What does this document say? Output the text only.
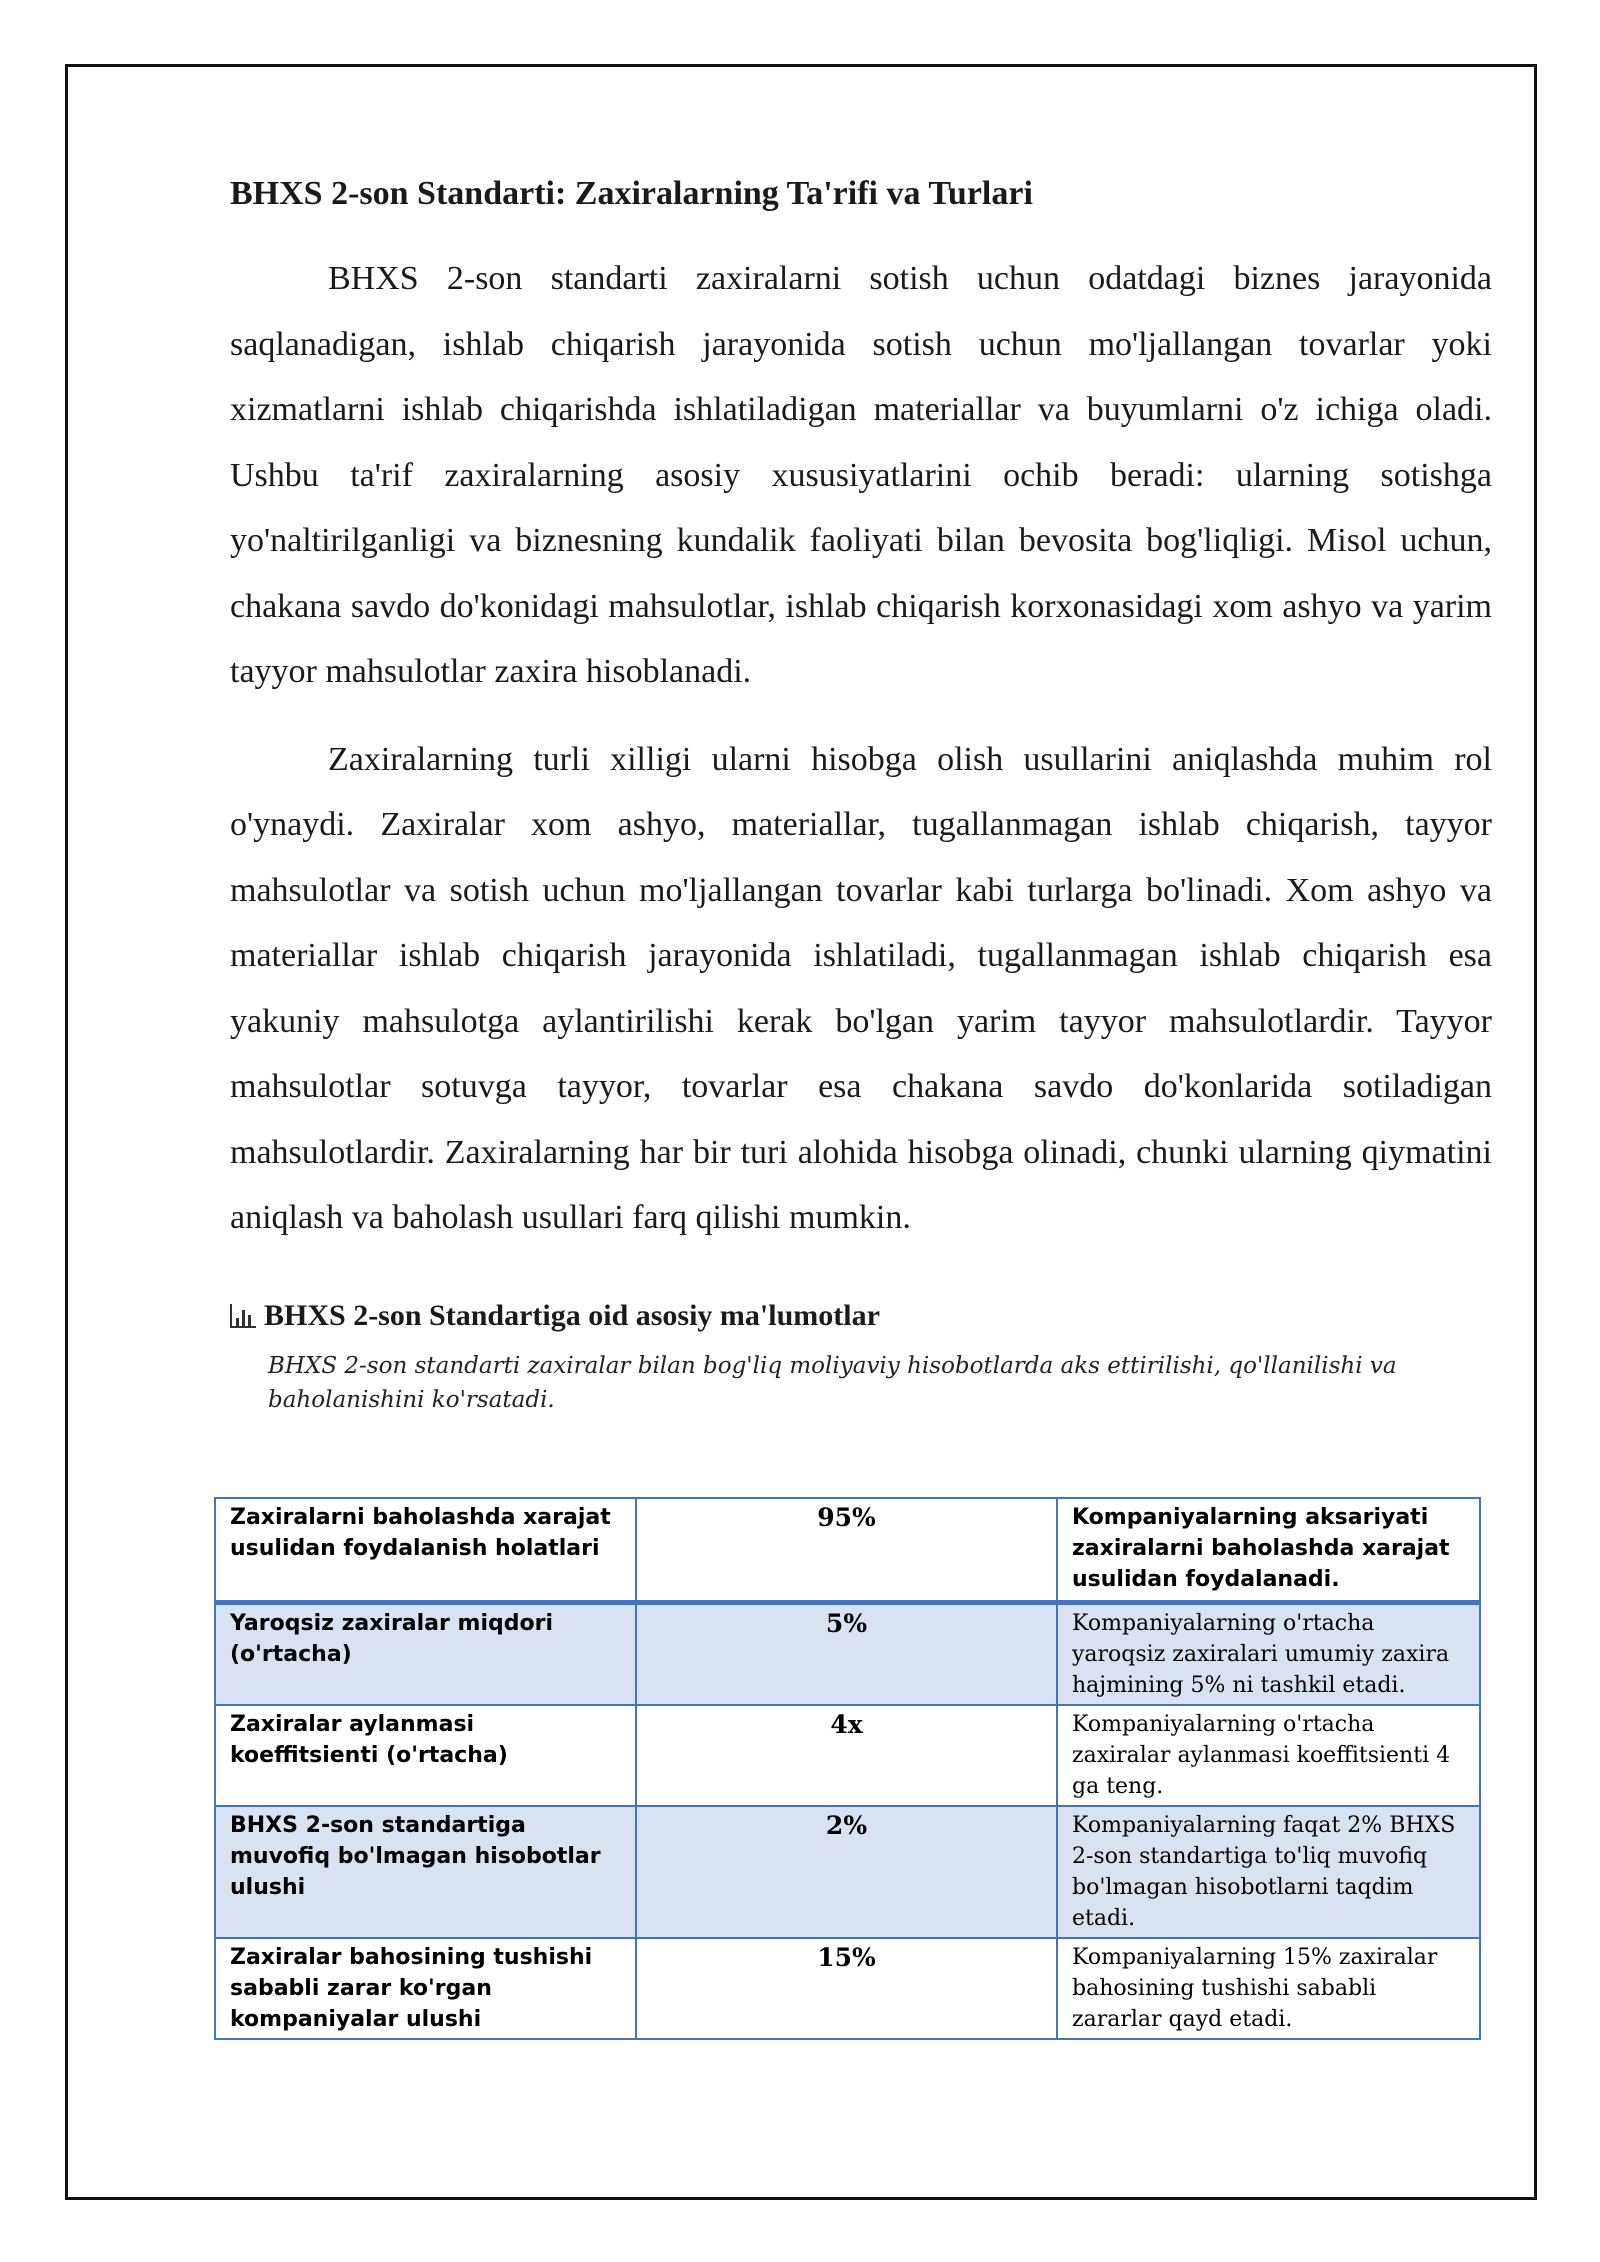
BHXS 2-son Standarti: Zaxiralarning Ta'rifi va Turlari

BHXS 2-son standarti zaxiralarni sotish uchun odatdagi biznes jarayonida saqlanadigan, ishlab chiqarish jarayonida sotish uchun mo'ljallangan tovarlar yoki xizmatlarni ishlab chiqarishda ishlatiladigan materiallar va buyumlarni o'z ichiga oladi. Ushbu ta'rif zaxiralarning asosiy xususiyatlarini ochib beradi: ularning sotishga yo'naltirilganligi va biznesning kundalik faoliyati bilan bevosita bog'liqligi. Misol uchun, chakana savdo do'konidagi mahsulotlar, ishlab chiqarish korxonasidagi xom ashyo va yarim tayyor mahsulotlar zaxira hisoblanadi.

Zaxiralarning turli xilligi ularni hisobga olish usullarini aniqlashda muhim rol o'ynaydi. Zaxiralar xom ashyo, materiallar, tugallanmagan ishlab chiqarish, tayyor mahsulotlar va sotish uchun mo'ljallangan tovarlar kabi turlarga bo'linadi. Xom ashyo va materiallar ishlab chiqarish jarayonida ishlatiladi, tugallanmagan ishlab chiqarish esa yakuniy mahsulotga aylantirilishi kerak bo'lgan yarim tayyor mahsulotlardir. Tayyor mahsulotlar sotuvga tayyor, tovarlar esa chakana savdo do'konlarida sotiladigan mahsulotlardir. Zaxiralarning har bir turi alohida hisobga olinadi, chunki ularning qiymatini aniqlash va baholash usullari farq qilishi mumkin.

BHXS 2-son Standartiga oid asosiy ma'lumotlar
BHXS 2-son standarti zaxiralar bilan bog'liq moliyaviy hisobotlarda aks ettirilishi, qo'llanilishi va baholanishini ko'rsatadi.
Zaxiralarni baholashda xarajat usulidan foydalanish holatlari	95%	Kompaniyalarning aksariyati zaxiralarni baholashda xarajat usulidan foydalanadi.
Yaroqsiz zaxiralar miqdori (o'rtacha)	5%	Kompaniyalarning o'rtacha yaroqsiz zaxiralari umumiy zaxira hajmining 5% ni tashkil etadi.
Zaxiralar aylanmasi koeffitsienti (o'rtacha)	4x	Kompaniyalarning o'rtacha zaxiralar aylanmasi koeffitsienti 4 ga teng.
BHXS 2-son standartiga muvofiq bo'lmagan hisobotlar ulushi	2%	Kompaniyalarning faqat 2% BHXS 2-son standartiga to'liq muvofiq bo'lmagan hisobotlarni taqdim etadi.
Zaxiralar bahosining tushishi sababli zarar ko'rgan kompaniyalar ulushi	15%	Kompaniyalarning 15% zaxiralar bahosining tushishi sababli zararlar qayd etadi.
